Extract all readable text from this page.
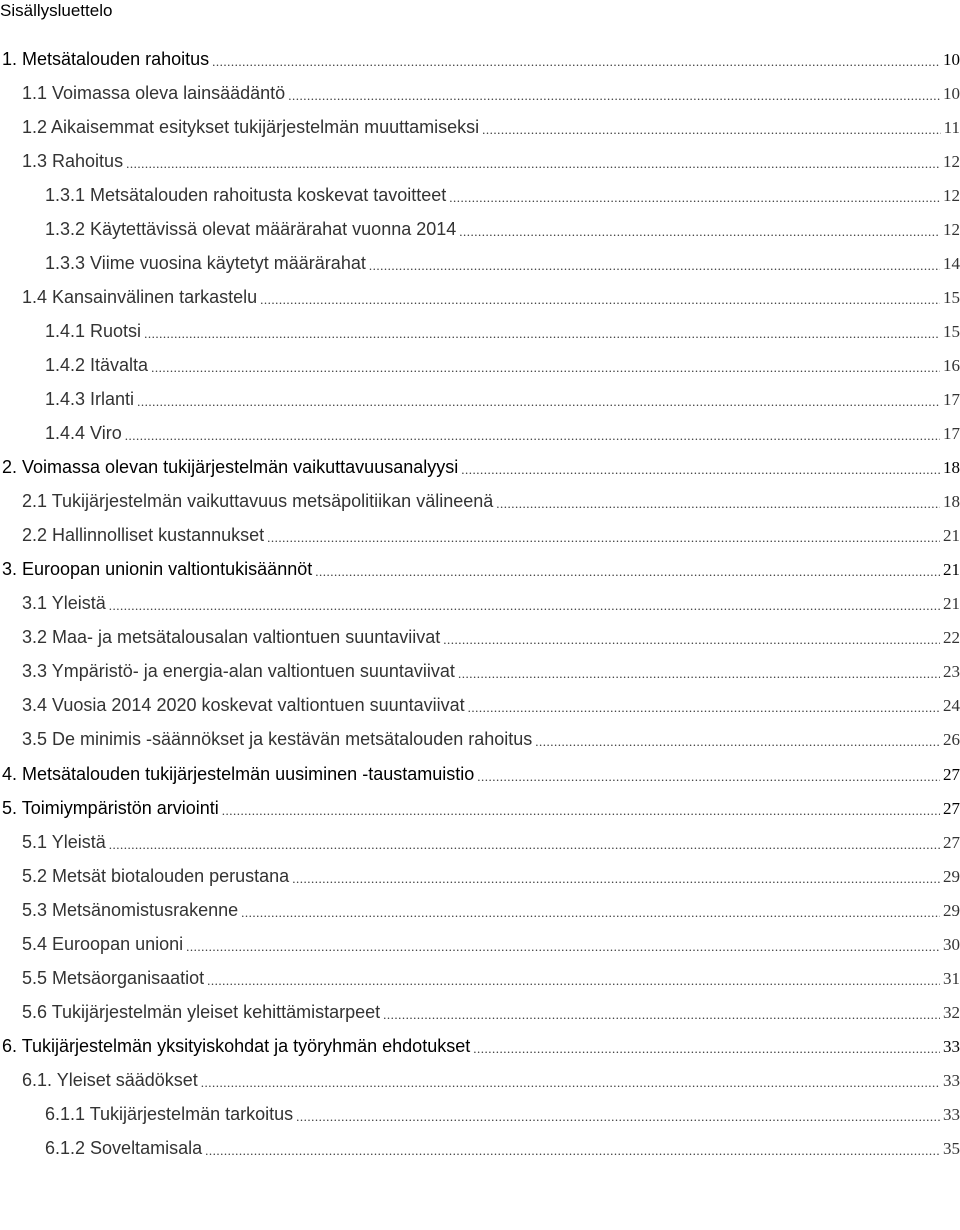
Sisällysluettelo
1. Metsätalouden rahoitus .....	10
1.1 Voimassa oleva lainsäädäntö .....	10
1.2 Aikaisemmat esitykset tukijärjestelmän muuttamiseksi .....	11
1.3 Rahoitus .....	12
1.3.1 Metsätalouden rahoitusta koskevat tavoitteet .....	12
1.3.2 Käytettävissä olevat määrärahat vuonna 2014 .....	12
1.3.3 Viime vuosina käytetyt määrärahat .....	14
1.4 Kansainvälinen tarkastelu .....	15
1.4.1 Ruotsi .....	15
1.4.2 Itävalta .....	16
1.4.3 Irlanti .....	17
1.4.4 Viro .....	17
2. Voimassa olevan tukijärjestelmän vaikuttavuusanalyysi .....	18
2.1 Tukijärjestelmän vaikuttavuus metsäpolitiikan välineenä .....	18
2.2 Hallinnolliset kustannukset .....	21
3. Euroopan unionin valtiontukisäännöt .....	21
3.1 Yleistä .....	21
3.2 Maa- ja metsätalousalan valtiontuen suuntaviivat .....	22
3.3 Ympäristö- ja energia-alan valtiontuen suuntaviivat .....	23
3.4 Vuosia 2014 2020 koskevat valtiontuen suuntaviivat .....	24
3.5 De minimis -säännökset ja kestävän metsätalouden rahoitus .....	26
4. Metsätalouden tukijärjestelmän uusiminen -taustamuistio .....	27
5. Toimiympäristön arviointi .....	27
5.1 Yleistä .....	27
5.2 Metsät biotalouden perustana .....	29
5.3 Metsänomistusrakenne .....	29
5.4 Euroopan unioni .....	30
5.5 Metsäorganisaatiot .....	31
5.6 Tukijärjestelmän yleiset kehittämistarpeet .....	32
6. Tukijärjestelmän yksityiskohdat ja työryhmän ehdotukset .....	33
6.1. Yleiset säädökset .....	33
6.1.1 Tukijärjestelmän tarkoitus .....	33
6.1.2 Soveltamisala .....	35
